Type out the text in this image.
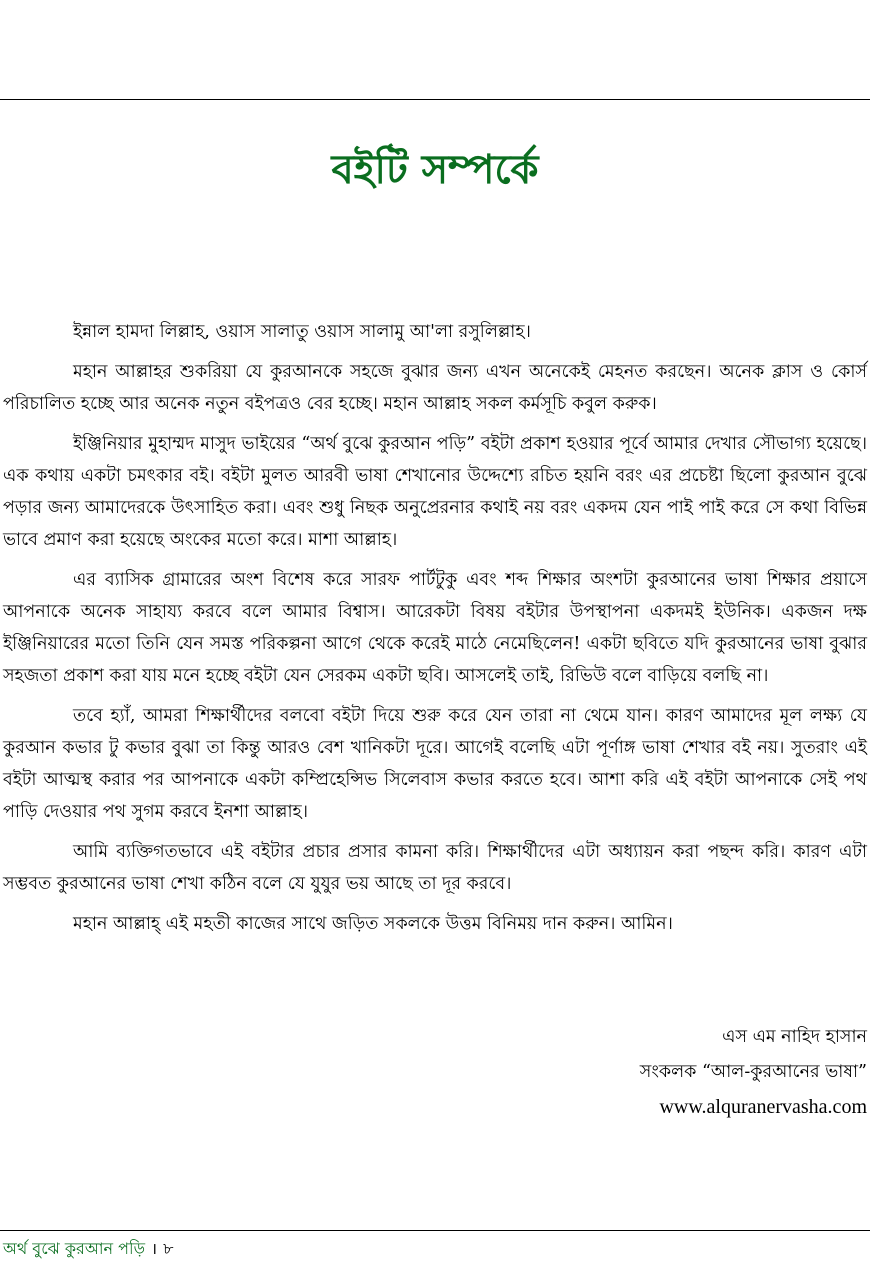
বইটি সম্পর্কে

ইন্নাল হামদা লিল্লাহ, ওয়াস সালাতু ওয়াস সালামু আ'লা রসুলিল্লাহ।

মহান আল্লাহর শুকরিয়া যে কুরআনকে সহজে বুঝার জন্য এখন অনেকেই মেহনত করছেন। অনেক ক্লাস ও কোর্স পরিচালিত হচ্ছে আর অনেক নতুন বইপত্রও বের হচ্ছে। মহান আল্লাহ সকল কর্মসূচি কবুল করুক।

ইঞ্জিনিয়ার মুহাম্মদ মাসুদ ভাইয়ের “অর্থ বুঝে কুরআন পড়ি” বইটা প্রকাশ হওয়ার পূর্বে আমার দেখার সৌভাগ্য হয়েছে। এক কথায় একটা চমৎকার বই। বইটা মুলত আরবী ভাষা শেখানোর উদ্দেশ্যে রচিত হয়নি বরং এর প্রচেষ্টা ছিলো কুরআন বুঝে পড়ার জন্য আমাদেরকে উৎসাহিত করা। এবং শুধু নিছক অনুপ্রেরনার কথাই নয় বরং একদম যেন পাই পাই করে সে কথা বিভিন্ন ভাবে প্রমাণ করা হয়েছে অংকের মতো করে। মাশা আল্লাহ।

এর ব্যাসিক গ্রামারের অংশ বিশেষ করে সারফ পার্টটুকু এবং শব্দ শিক্ষার অংশটা কুরআনের ভাষা শিক্ষার প্রয়াসে আপনাকে অনেক সাহায্য করবে বলে আমার বিশ্বাস। আরেকটা বিষয় বইটার উপস্থাপনা একদমই ইউনিক। একজন দক্ষ ইঞ্জিনিয়ারের মতো তিনি যেন সমস্ত পরিকল্পনা আগে থেকে করেই মাঠে নেমেছিলেন! একটা ছবিতে যদি কুরআনের ভাষা বুঝার সহজতা প্রকাশ করা যায় মনে হচ্ছে বইটা যেন সেরকম একটা ছবি। আসলেই তাই, রিভিউ বলে বাড়িয়ে বলছি না।

তবে হ্যাঁ, আমরা শিক্ষার্থীদের বলবো বইটা দিয়ে শুরু করে যেন তারা না থেমে যান। কারণ আমাদের মূল লক্ষ্য যে কুরআন কভার টু কভার বুঝা তা কিন্তু আরও বেশ খানিকটা দূরে। আগেই বলেছি এটা পূর্ণাঙ্গ ভাষা শেখার বই নয়। সুতরাং এই বইটা আত্মস্থ করার পর আপনাকে একটা কম্প্রিহেন্সিভ সিলেবাস কভার করতে হবে। আশা করি এই বইটা আপনাকে সেই পথ পাড়ি দেওয়ার পথ সুগম করবে ইনশা আল্লাহ।

আমি ব্যক্তিগতভাবে এই বইটার প্রচার প্রসার কামনা করি। শিক্ষার্থীদের এটা অধ্যায়ন করা পছন্দ করি। কারণ এটা সম্ভবত কুরআনের ভাষা শেখা কঠিন বলে যে যুযুর ভয় আছে তা দূর করবে।

মহান আল্লাহ্ এই মহতী কাজের সাথে জড়িত সকলকে উত্তম বিনিময় দান করুন। আমিন।

এস এম নাহিদ হাসান
সংকলক “আল-কুরআনের ভাষা”
www.alquranervasha.com
অর্থ বুঝে কুরআন পড়ি । ৮
